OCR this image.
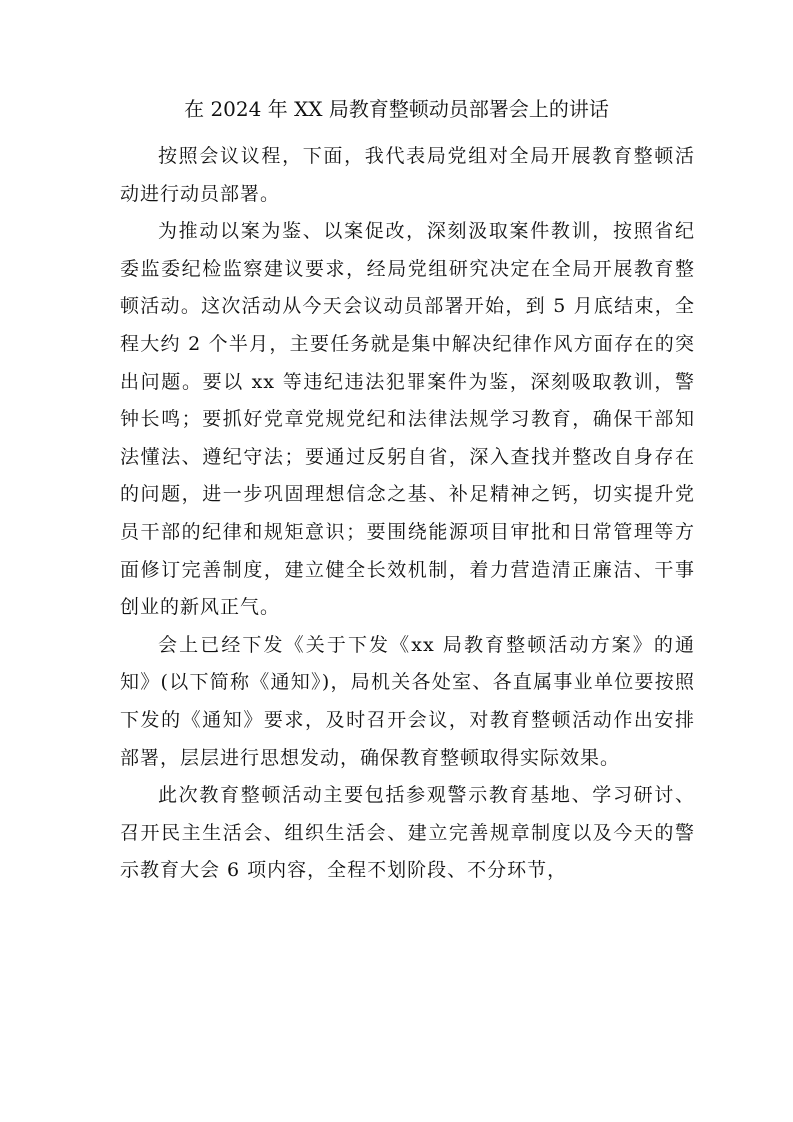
在 2024 年 XX 局教育整顿动员部署会上的讲话

按照会议议程，下面，我代表局党组对全局开展教育整顿活动进行动员部署。

为推动以案为鉴、以案促改，深刻汲取案件教训，按照省纪委监委纪检监察建议要求，经局党组研究决定在全局开展教育整顿活动。这次活动从今天会议动员部署开始，到 5 月底结束，全程大约 2 个半月，主要任务就是集中解决纪律作风方面存在的突出问题。要以 xx 等违纪违法犯罪案件为鉴，深刻吸取教训，警钟长鸣；要抓好党章党规党纪和法律法规学习教育，确保干部知法懂法、遵纪守法；要通过反躬自省，深入查找并整改自身存在的问题，进一步巩固理想信念之基、补足精神之钙，切实提升党员干部的纪律和规矩意识；要围绕能源项目审批和日常管理等方面修订完善制度，建立健全长效机制，着力营造清正廉洁、干事创业的新风正气。

会上已经下发《关于下发《xx 局教育整顿活动方案》的通知》(以下简称《通知》)，局机关各处室、各直属事业单位要按照下发的《通知》要求，及时召开会议，对教育整顿活动作出安排部署，层层进行思想发动，确保教育整顿取得实际效果。

此次教育整顿活动主要包括参观警示教育基地、学习研讨、召开民主生活会、组织生活会、建立完善规章制度以及今天的警示教育大会 6 项内容，全程不划阶段、不分环节，
